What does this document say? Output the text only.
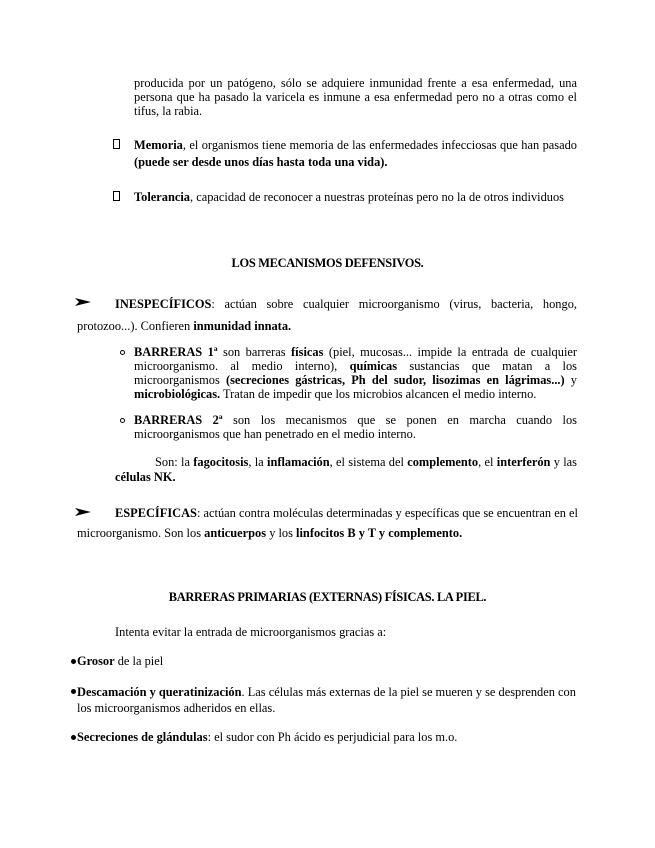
producida por un patógeno, sólo se adquiere inmunidad frente a esa enfermedad, una persona que ha pasado la varicela es inmune a esa enfermedad pero no a otras como el tifus, la rabia.
Memoria, el organismos tiene memoria de las enfermedades infecciosas que han pasado (puede ser desde unos días hasta toda una vida).
Tolerancia, capacidad de reconocer a nuestras proteínas pero no la de otros individuos
LOS MECANISMOS DEFENSIVOS.
INESPECÍFICOS: actúan sobre cualquier microorganismo (virus, bacteria, hongo, protozoo...). Confieren inmunidad innata.
BARRERAS 1ª son barreras físicas (piel, mucosas... impide la entrada de cualquier microorganismo. al medio interno), químicas sustancias que matan a los microorganismos (secreciones gástricas, Ph del sudor, lisozimas en lágrimas...) y microbiológicas. Tratan de impedir que los microbios alcancen el medio interno.
BARRERAS 2ª son los mecanismos que se ponen en marcha cuando los microorganismos que han penetrado en el medio interno.
Son: la fagocitosis, la inflamación, el sistema del complemento, el interferón y las células NK.
ESPECÍFICAS: actúan contra moléculas determinadas y específicas que se encuentran en el microorganismo. Son los anticuerpos y los linfocitos B y T y complemento.
BARRERAS PRIMARIAS (EXTERNAS) FÍSICAS. LA PIEL.
Intenta evitar la entrada de microorganismos gracias a:
Grosor de la piel
Descamación y queratinización. Las células más externas de la piel se mueren y se desprenden con los microorganismos adheridos en ellas.
Secreciones de glándulas: el sudor con Ph ácido es perjudicial para los m.o.
